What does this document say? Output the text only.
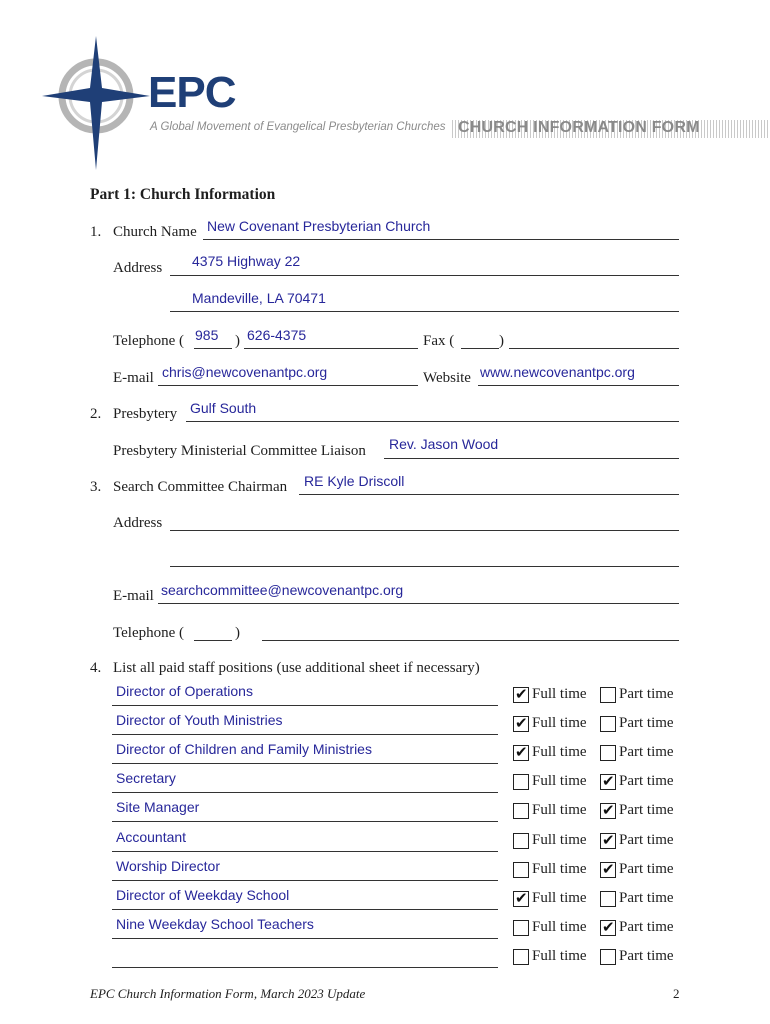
EPC
A Global Movement of Evangelical Presbyterian Churches CHURCH INFORMATION FORM
Part 1: Church Information
1. Church Name New Covenant Presbyterian Church
Address 4375 Highway 22
Mandeville, LA 70471
Telephone ( 985 ) 626-4375	Fax (	)
E-mail chris@newcovenantpc.org	Website www.newcovenantpc.org
2. Presbytery Gulf South
Presbytery Ministerial Committee Liaison Rev. Jason Wood
3. Search Committee Chairman RE Kyle Driscoll
Address
E-mail searchcommittee@newcovenantpc.org
Telephone (	)
4. List all paid staff positions (use additional sheet if necessary)
Director of Operations	✔ Full time Part time
Director of Youth Ministries	✔ Full time Part time
Director of Children and Family Ministries	✔ Full time Part time
Secretary	Full time ✔ Part time
Site Manager	Full time ✔ Part time
Accountant	Full time ✔ Part time
Worship Director	Full time ✔ Part time
Director of Weekday School	✔ Full time Part time
Nine Weekday School Teachers	Full time ✔ Part time
Full time Part time
EPC Church Information Form, March 2023 Update	2
